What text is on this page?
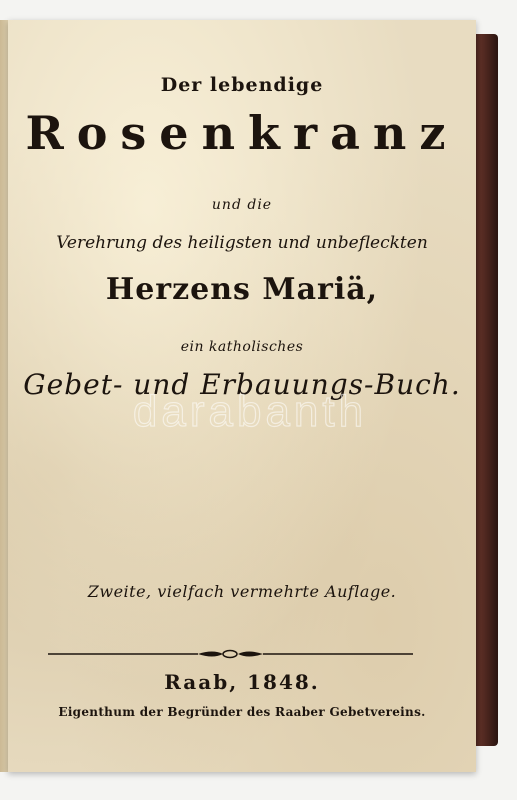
Der lebendige
Rosenkranz
und die
Verehrung des heiligsten und unbefleckten
Herzens Mariä,
ein katholisches
Gebet- und Erbauungs-Buch.
darabanth
Zweite, vielfach vermehrte Auflage.
Raab, 1848.
Eigenthum der Begründer des Raaber Gebetvereins.
